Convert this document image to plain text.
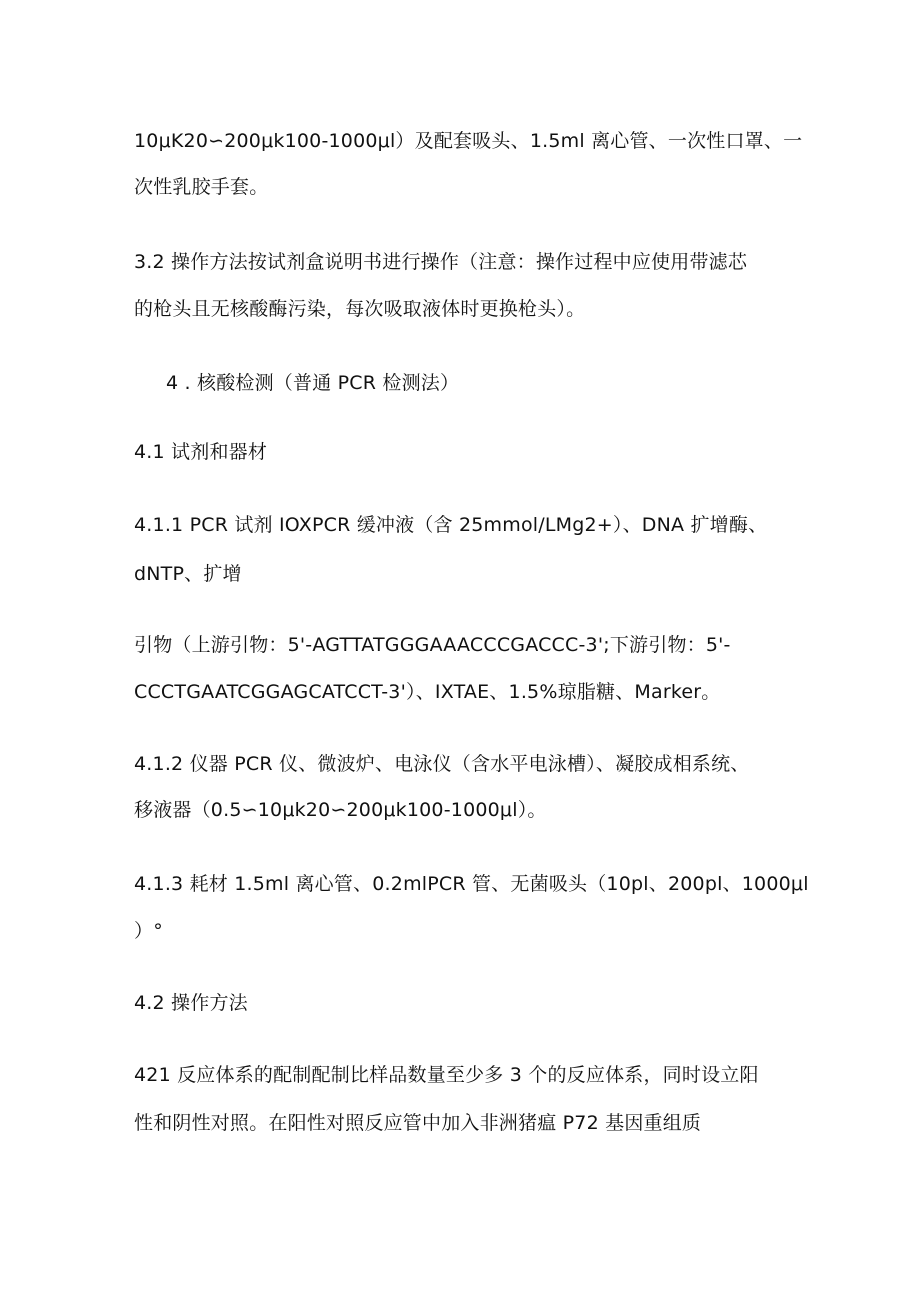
10μK20∽200μk100-1000μl）及配套吸头、1.5ml 离心管、一次性口罩、一
次性乳胶手套。
3.2 操作方法按试剂盒说明书进行操作（注意：操作过程中应使用带滤芯
的枪头且无核酸酶污染，每次吸取液体时更换枪头）。
4 . 核酸检测（普通 PCR 检测法）
4.1 试剂和器材
4.1.1 PCR 试剂 IOXPCR 缓冲液（含 25mmol/LMg2+）、DNA 扩增酶、
dNTP、扩增
引物（上游引物：5'-AGTTATGGGAAACCCGACCC-3';下游引物：5'-
CCCTGAATCGGAGCATCCT-3'）、IXTAE、1.5%琼脂糖、Marker。
4.1.2 仪器 PCR 仪、微波炉、电泳仪（含水平电泳槽）、凝胶成相系统、
移液器（0.5∽10μk20∽200μk100-1000μl）。
4.1.3 耗材 1.5ml 离心管、0.2mlPCR 管、无菌吸头（10pl、200pl、1000μl
）°
4.2 操作方法
421 反应体系的配制配制比样品数量至少多 3 个的反应体系，同时设立阳
性和阴性对照。在阳性对照反应管中加入非洲猪瘟 P72 基因重组质
